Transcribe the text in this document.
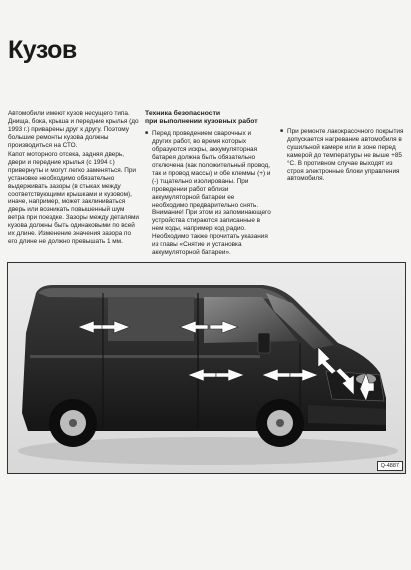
Кузов

Автомобили имеют кузов несущего типа. Днища, бока, крыша и передние крылья (до 1993 г.) приварены друг к другу. Поэтому большие ремонты кузова должны производиться на СТО.

Капот моторного отсека, задняя дверь, двери и передние крылья (с 1994 г.) привернуты и могут легко заменяться. При установке необходимо обязательно выдерживать зазоры (в стыках между соответствующими крышками и кузовом), иначе, например, может заклиниваться дверь или возникать повышенный шум ветра при поездке. Зазоры между деталями кузова должны быть одинаковыми по всей их длине. Изменение значения зазора по его длине не должно превышать 1 мм.

Техника безопасности
при выполнении кузовных работ
■ Перед проведением сварочных и других работ, во время которых образуются искры, аккумуляторная батарея должна быть обязательно отключена (как положительный провод, так и провод массы) и обе клеммы (+) и (-) тщательно изолированы. При проведении работ вблизи аккумуляторной батареи ее необходимо предварительно снять. Внимание! При этом из запоминающего устройства стираются записанные в нем коды, например код радио. Необходимо также прочитать указания из главы «Снятие и установка аккумуляторной батареи».
■ При ремонте лакокрасочного покрытия допускается нагревание автомобиля в сушильной камере или в зоне перед камерой до температуры не выше +85 °С. В противном случае выходят из строя электронные блоки управления автомобиля.
Q-4887
